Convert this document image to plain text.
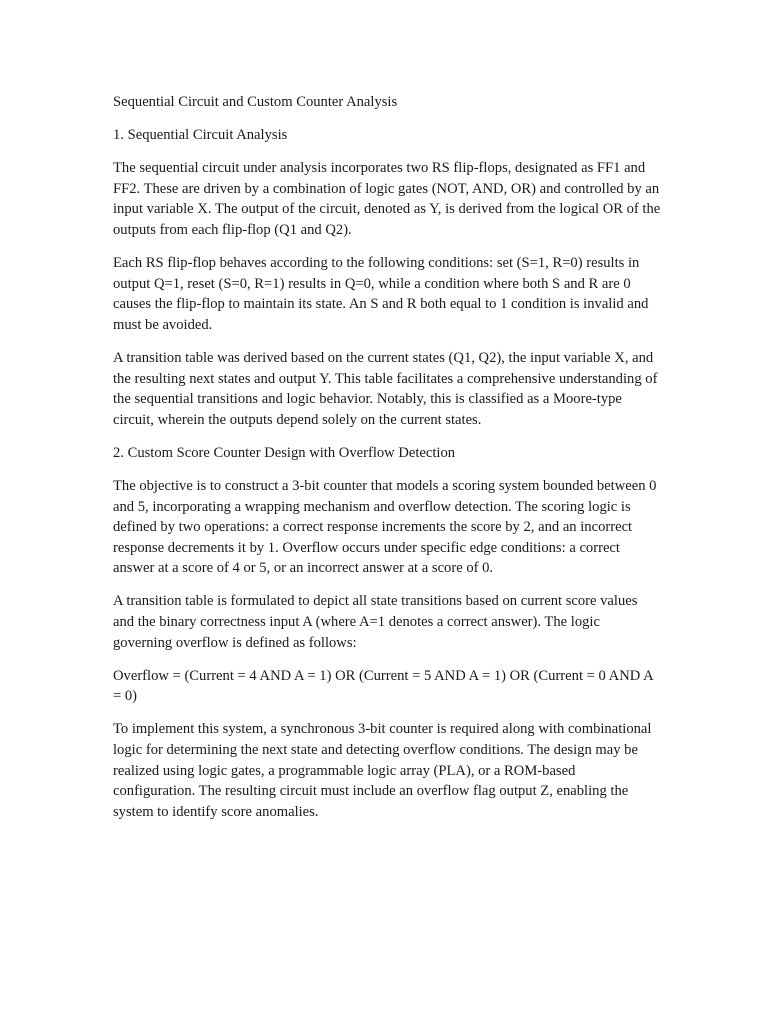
Sequential Circuit and Custom Counter Analysis

1. Sequential Circuit Analysis

The sequential circuit under analysis incorporates two RS flip-flops, designated as FF1 and FF2. These are driven by a combination of logic gates (NOT, AND, OR) and controlled by an input variable X. The output of the circuit, denoted as Y, is derived from the logical OR of the outputs from each flip-flop (Q1 and Q2).

Each RS flip-flop behaves according to the following conditions: set (S=1, R=0) results in output Q=1, reset (S=0, R=1) results in Q=0, while a condition where both S and R are 0 causes the flip-flop to maintain its state. An S and R both equal to 1 condition is invalid and must be avoided.

A transition table was derived based on the current states (Q1, Q2), the input variable X, and the resulting next states and output Y. This table facilitates a comprehensive understanding of the sequential transitions and logic behavior. Notably, this is classified as a Moore-type circuit, wherein the outputs depend solely on the current states.

2. Custom Score Counter Design with Overflow Detection

The objective is to construct a 3-bit counter that models a scoring system bounded between 0 and 5, incorporating a wrapping mechanism and overflow detection. The scoring logic is defined by two operations: a correct response increments the score by 2, and an incorrect response decrements it by 1. Overflow occurs under specific edge conditions: a correct answer at a score of 4 or 5, or an incorrect answer at a score of 0.

A transition table is formulated to depict all state transitions based on current score values and the binary correctness input A (where A=1 denotes a correct answer). The logic governing overflow is defined as follows:

Overflow = (Current = 4 AND A = 1) OR (Current = 5 AND A = 1) OR (Current = 0 AND A = 0)

To implement this system, a synchronous 3-bit counter is required along with combinational logic for determining the next state and detecting overflow conditions. The design may be realized using logic gates, a programmable logic array (PLA), or a ROM-based configuration. The resulting circuit must include an overflow flag output Z, enabling the system to identify score anomalies.
